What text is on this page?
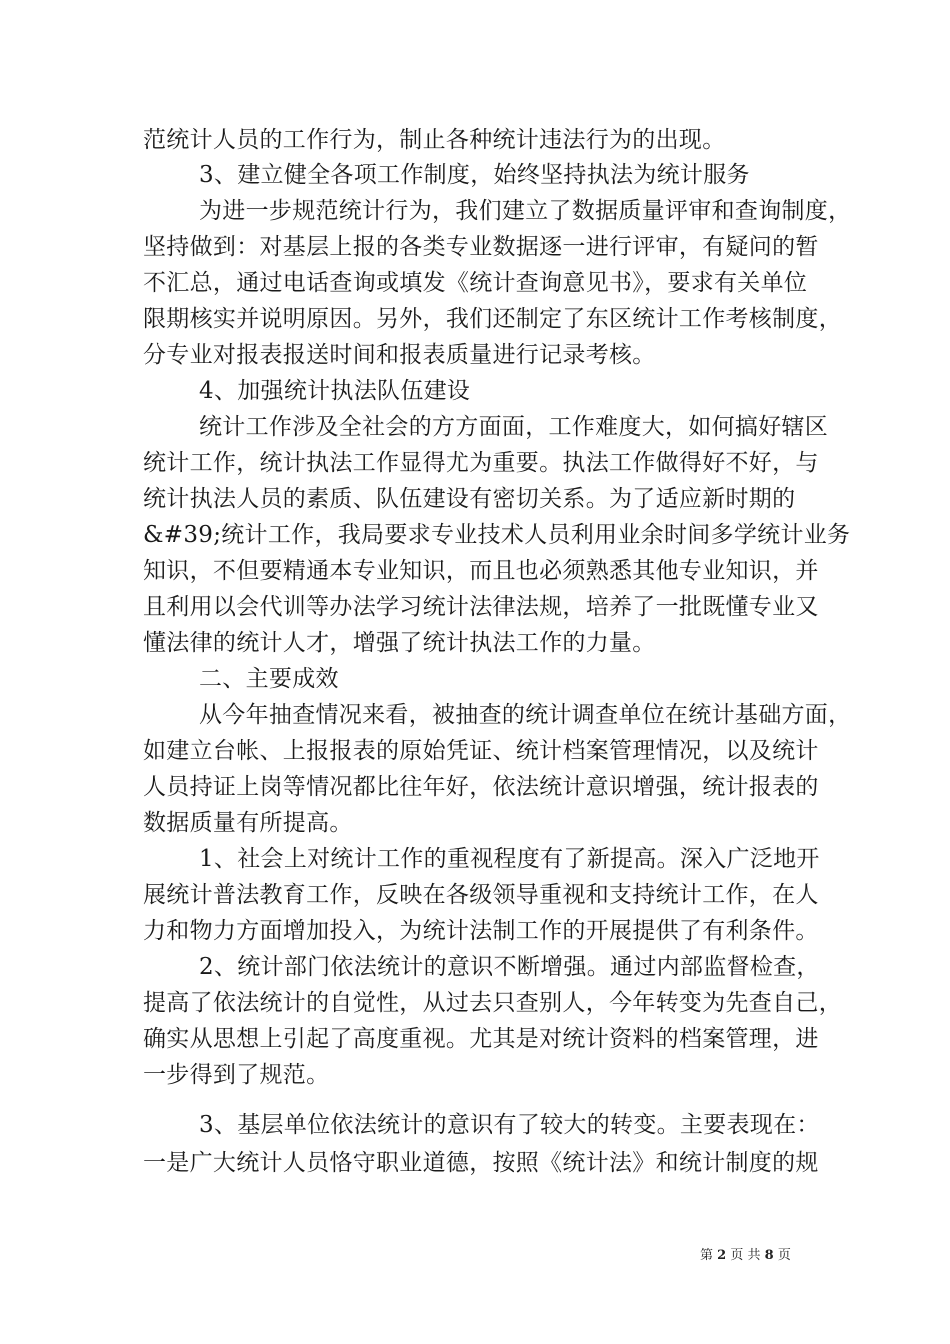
范统计人员的工作行为，制止各种统计违法行为的出现。
3、建立健全各项工作制度，始终坚持执法为统计服务
为进一步规范统计行为，我们建立了数据质量评审和查询制度，
坚持做到：对基层上报的各类专业数据逐一进行评审，有疑问的暂
不汇总，通过电话查询或填发《统计查询意见书》，要求有关单位
限期核实并说明原因。另外，我们还制定了东区统计工作考核制度，
分专业对报表报送时间和报表质量进行记录考核。
4、加强统计执法队伍建设
统计工作涉及全社会的方方面面，工作难度大，如何搞好辖区
统计工作，统计执法工作显得尤为重要。执法工作做得好不好，与
统计执法人员的素质、队伍建设有密切关系。为了适应新时期的
&#39;统计工作，我局要求专业技术人员利用业余时间多学统计业务
知识，不但要精通本专业知识，而且也必须熟悉其他专业知识，并
且利用以会代训等办法学习统计法律法规，培养了一批既懂专业又
懂法律的统计人才，增强了统计执法工作的力量。
二、主要成效
从今年抽查情况来看，被抽查的统计调查单位在统计基础方面，
如建立台帐、上报报表的原始凭证、统计档案管理情况，以及统计
人员持证上岗等情况都比往年好，依法统计意识增强，统计报表的
数据质量有所提高。
1、社会上对统计工作的重视程度有了新提高。深入广泛地开
展统计普法教育工作，反映在各级领导重视和支持统计工作，在人
力和物力方面增加投入，为统计法制工作的开展提供了有利条件。
2、统计部门依法统计的意识不断增强。通过内部监督检查，
提高了依法统计的自觉性，从过去只查别人，今年转变为先查自己，
确实从思想上引起了高度重视。尤其是对统计资料的档案管理，进
一步得到了规范。
3、基层单位依法统计的意识有了较大的转变。主要表现在：
一是广大统计人员恪守职业道德，按照《统计法》和统计制度的规
第 2 页 共 8 页
